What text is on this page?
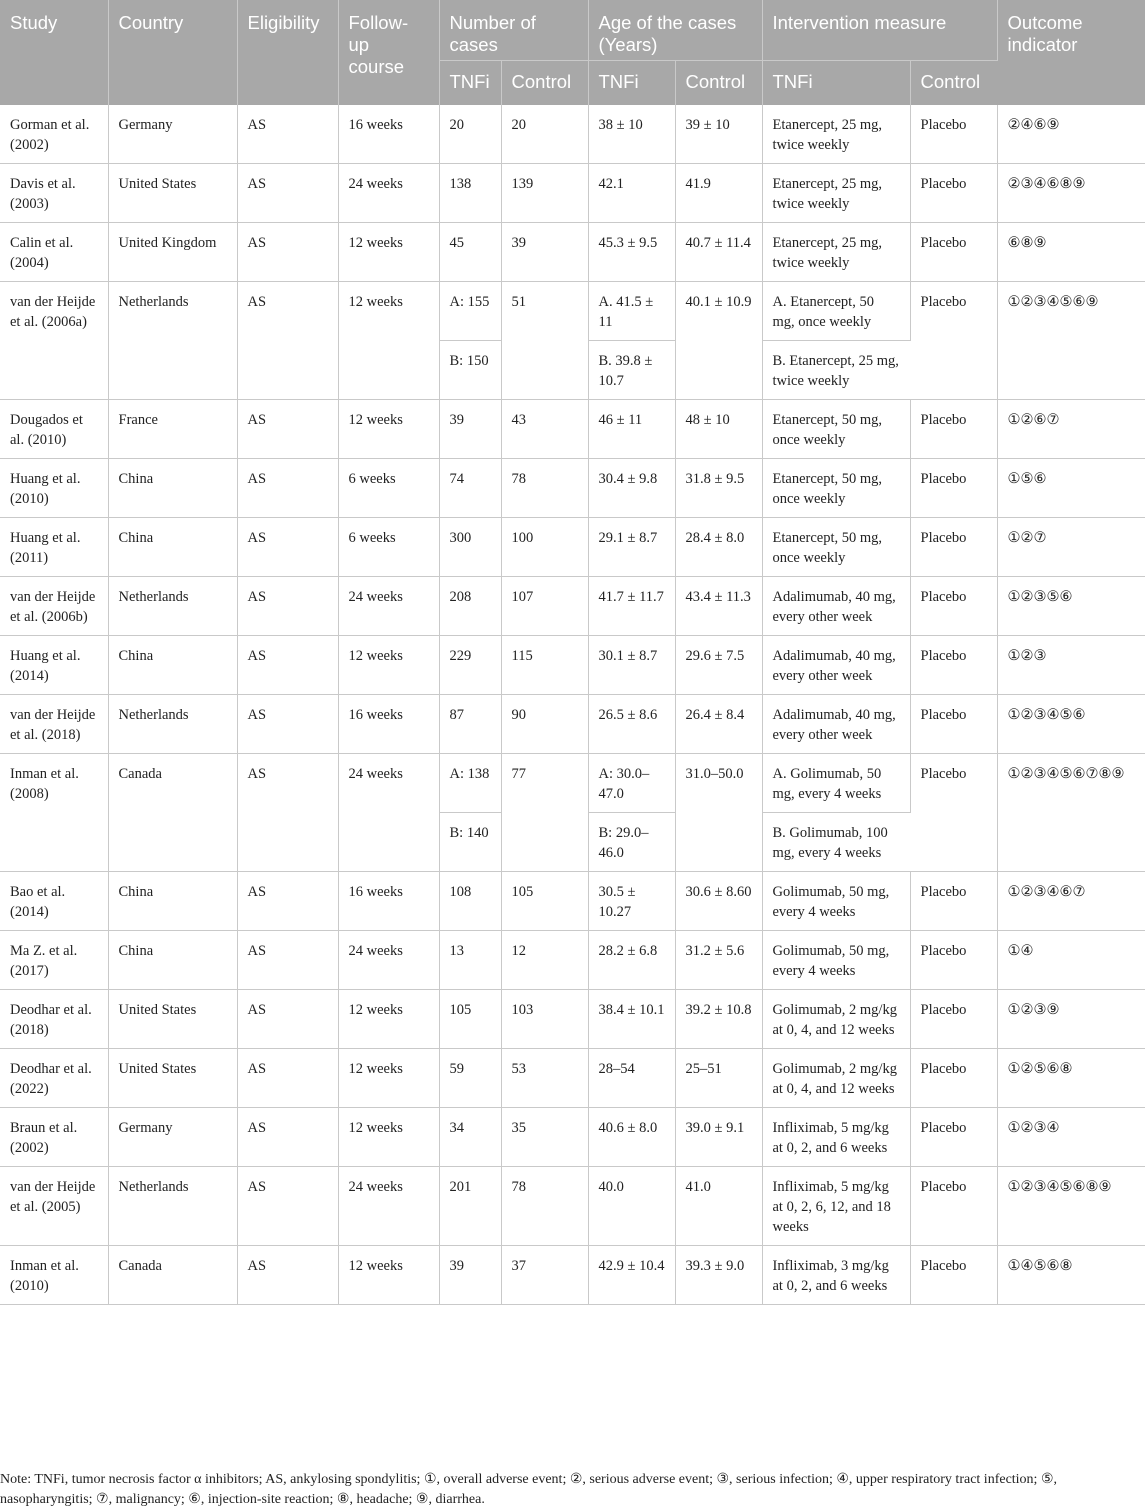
Study	Country	Eligibility	Follow-up course	Number of cases		Age of the cases (Years)		Intervention measure		Outcome indicator
				TNFi	Control	TNFi	Control	TNFi	Control	
Gorman et al. (2002)	Germany	AS	16 weeks	20	20	38 ± 10	39 ± 10	Etanercept, 25 mg, twice weekly	Placebo	②④⑥⑨
Davis et al. (2003)	United States	AS	24 weeks	138	139	42.1	41.9	Etanercept, 25 mg, twice weekly	Placebo	②③④⑥⑧⑨
Calin et al. (2004)	United Kingdom	AS	12 weeks	45	39	45.3 ± 9.5	40.7 ± 11.4	Etanercept, 25 mg, twice weekly	Placebo	⑥⑧⑨
van der Heijde et al. (2006a)	Netherlands	AS	12 weeks	A: 155	51	A. 41.5 ± 11	40.1 ± 10.9	A. Etanercept, 50 mg, once weekly	Placebo	①②③④⑤⑥⑨
				B: 150		B. 39.8 ± 10.7		B. Etanercept, 25 mg, twice weekly		
Dougados et al. (2010)	France	AS	12 weeks	39	43	46 ± 11	48 ± 10	Etanercept, 50 mg, once weekly	Placebo	①②⑥⑦
Huang et al. (2010)	China	AS	6 weeks	74	78	30.4 ± 9.8	31.8 ± 9.5	Etanercept, 50 mg, once weekly	Placebo	①⑤⑥
Huang et al. (2011)	China	AS	6 weeks	300	100	29.1 ± 8.7	28.4 ± 8.0	Etanercept, 50 mg, once weekly	Placebo	①②⑦
van der Heijde et al. (2006b)	Netherlands	AS	24 weeks	208	107	41.7 ± 11.7	43.4 ± 11.3	Adalimumab, 40 mg, every other week	Placebo	①②③⑤⑥
Huang et al. (2014)	China	AS	12 weeks	229	115	30.1 ± 8.7	29.6 ± 7.5	Adalimumab, 40 mg, every other week	Placebo	①②③
van der Heijde et al. (2018)	Netherlands	AS	16 weeks	87	90	26.5 ± 8.6	26.4 ± 8.4	Adalimumab, 40 mg, every other week	Placebo	①②③④⑤⑥
Inman et al. (2008)	Canada	AS	24 weeks	A: 138	77	A: 30.0–47.0	31.0–50.0	A. Golimumab, 50 mg, every 4 weeks	Placebo	①②③④⑤⑥⑦⑧⑨
				B: 140		B: 29.0–46.0		B. Golimumab, 100 mg, every 4 weeks		
Bao et al. (2014)	China	AS	16 weeks	108	105	30.5 ± 10.27	30.6 ± 8.60	Golimumab, 50 mg, every 4 weeks	Placebo	①②③④⑥⑦
Ma Z. et al. (2017)	China	AS	24 weeks	13	12	28.2 ± 6.8	31.2 ± 5.6	Golimumab, 50 mg, every 4 weeks	Placebo	①④
Deodhar et al. (2018)	United States	AS	12 weeks	105	103	38.4 ± 10.1	39.2 ± 10.8	Golimumab, 2 mg/kg at 0, 4, and 12 weeks	Placebo	①②③⑨
Deodhar et al. (2022)	United States	AS	12 weeks	59	53	28–54	25–51	Golimumab, 2 mg/kg at 0, 4, and 12 weeks	Placebo	①②⑤⑥⑧
Braun et al. (2002)	Germany	AS	12 weeks	34	35	40.6 ± 8.0	39.0 ± 9.1	Infliximab, 5 mg/kg at 0, 2, and 6 weeks	Placebo	①②③④
van der Heijde et al. (2005)	Netherlands	AS	24 weeks	201	78	40.0	41.0	Infliximab, 5 mg/kg at 0, 2, 6, 12, and 18 weeks	Placebo	①②③④⑤⑥⑧⑨
Inman et al. (2010)	Canada	AS	12 weeks	39	37	42.9 ± 10.4	39.3 ± 9.0	Infliximab, 3 mg/kg at 0, 2, and 6 weeks	Placebo	①④⑤⑥⑧
Note: TNFi, tumor necrosis factor α inhibitors; AS, ankylosing spondylitis; ①, overall adverse event; ②, serious adverse event; ③, serious infection; ④, upper respiratory tract infection; ⑤, nasopharyngitis; ⑦, malignancy; ⑥, injection-site reaction; ⑧, headache; ⑨, diarrhea.
